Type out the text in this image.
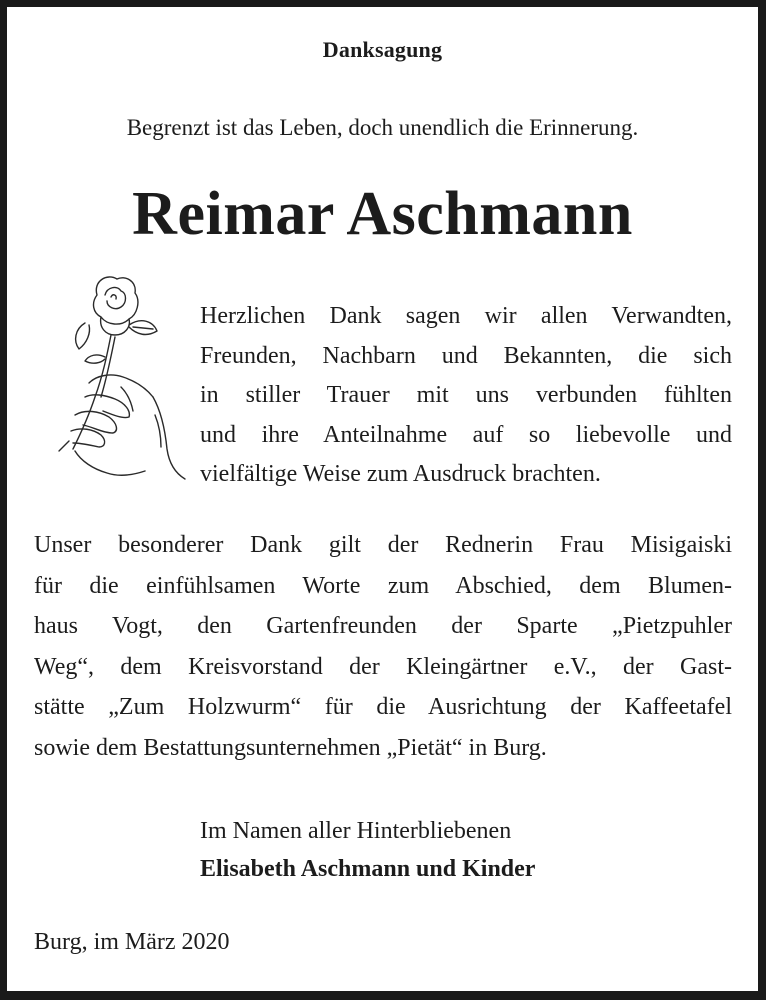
Danksagung
Begrenzt ist das Leben, doch unendlich die Erinnerung.
Reimar Aschmann
Herzlichen Dank sagen wir allen Verwandten,
Freunden, Nachbarn und Bekannten, die sich
in stiller Trauer mit uns verbunden fühlten
und ihre Anteilnahme auf so liebevolle und
vielfältige Weise zum Ausdruck brachten.
Unser besonderer Dank gilt der Rednerin Frau Misigaiski
für die einfühlsamen Worte zum Abschied, dem Blumen-
haus Vogt, den Gartenfreunden der Sparte „Pietzpuhler
Weg“, dem Kreisvorstand der Kleingärtner e.V., der Gast-
stätte „Zum Holzwurm“ für die Ausrichtung der Kaffeetafel
sowie dem Bestattungsunternehmen „Pietät“ in Burg.
Im Namen aller Hinterbliebenen
Elisabeth Aschmann und Kinder
Burg, im März 2020
